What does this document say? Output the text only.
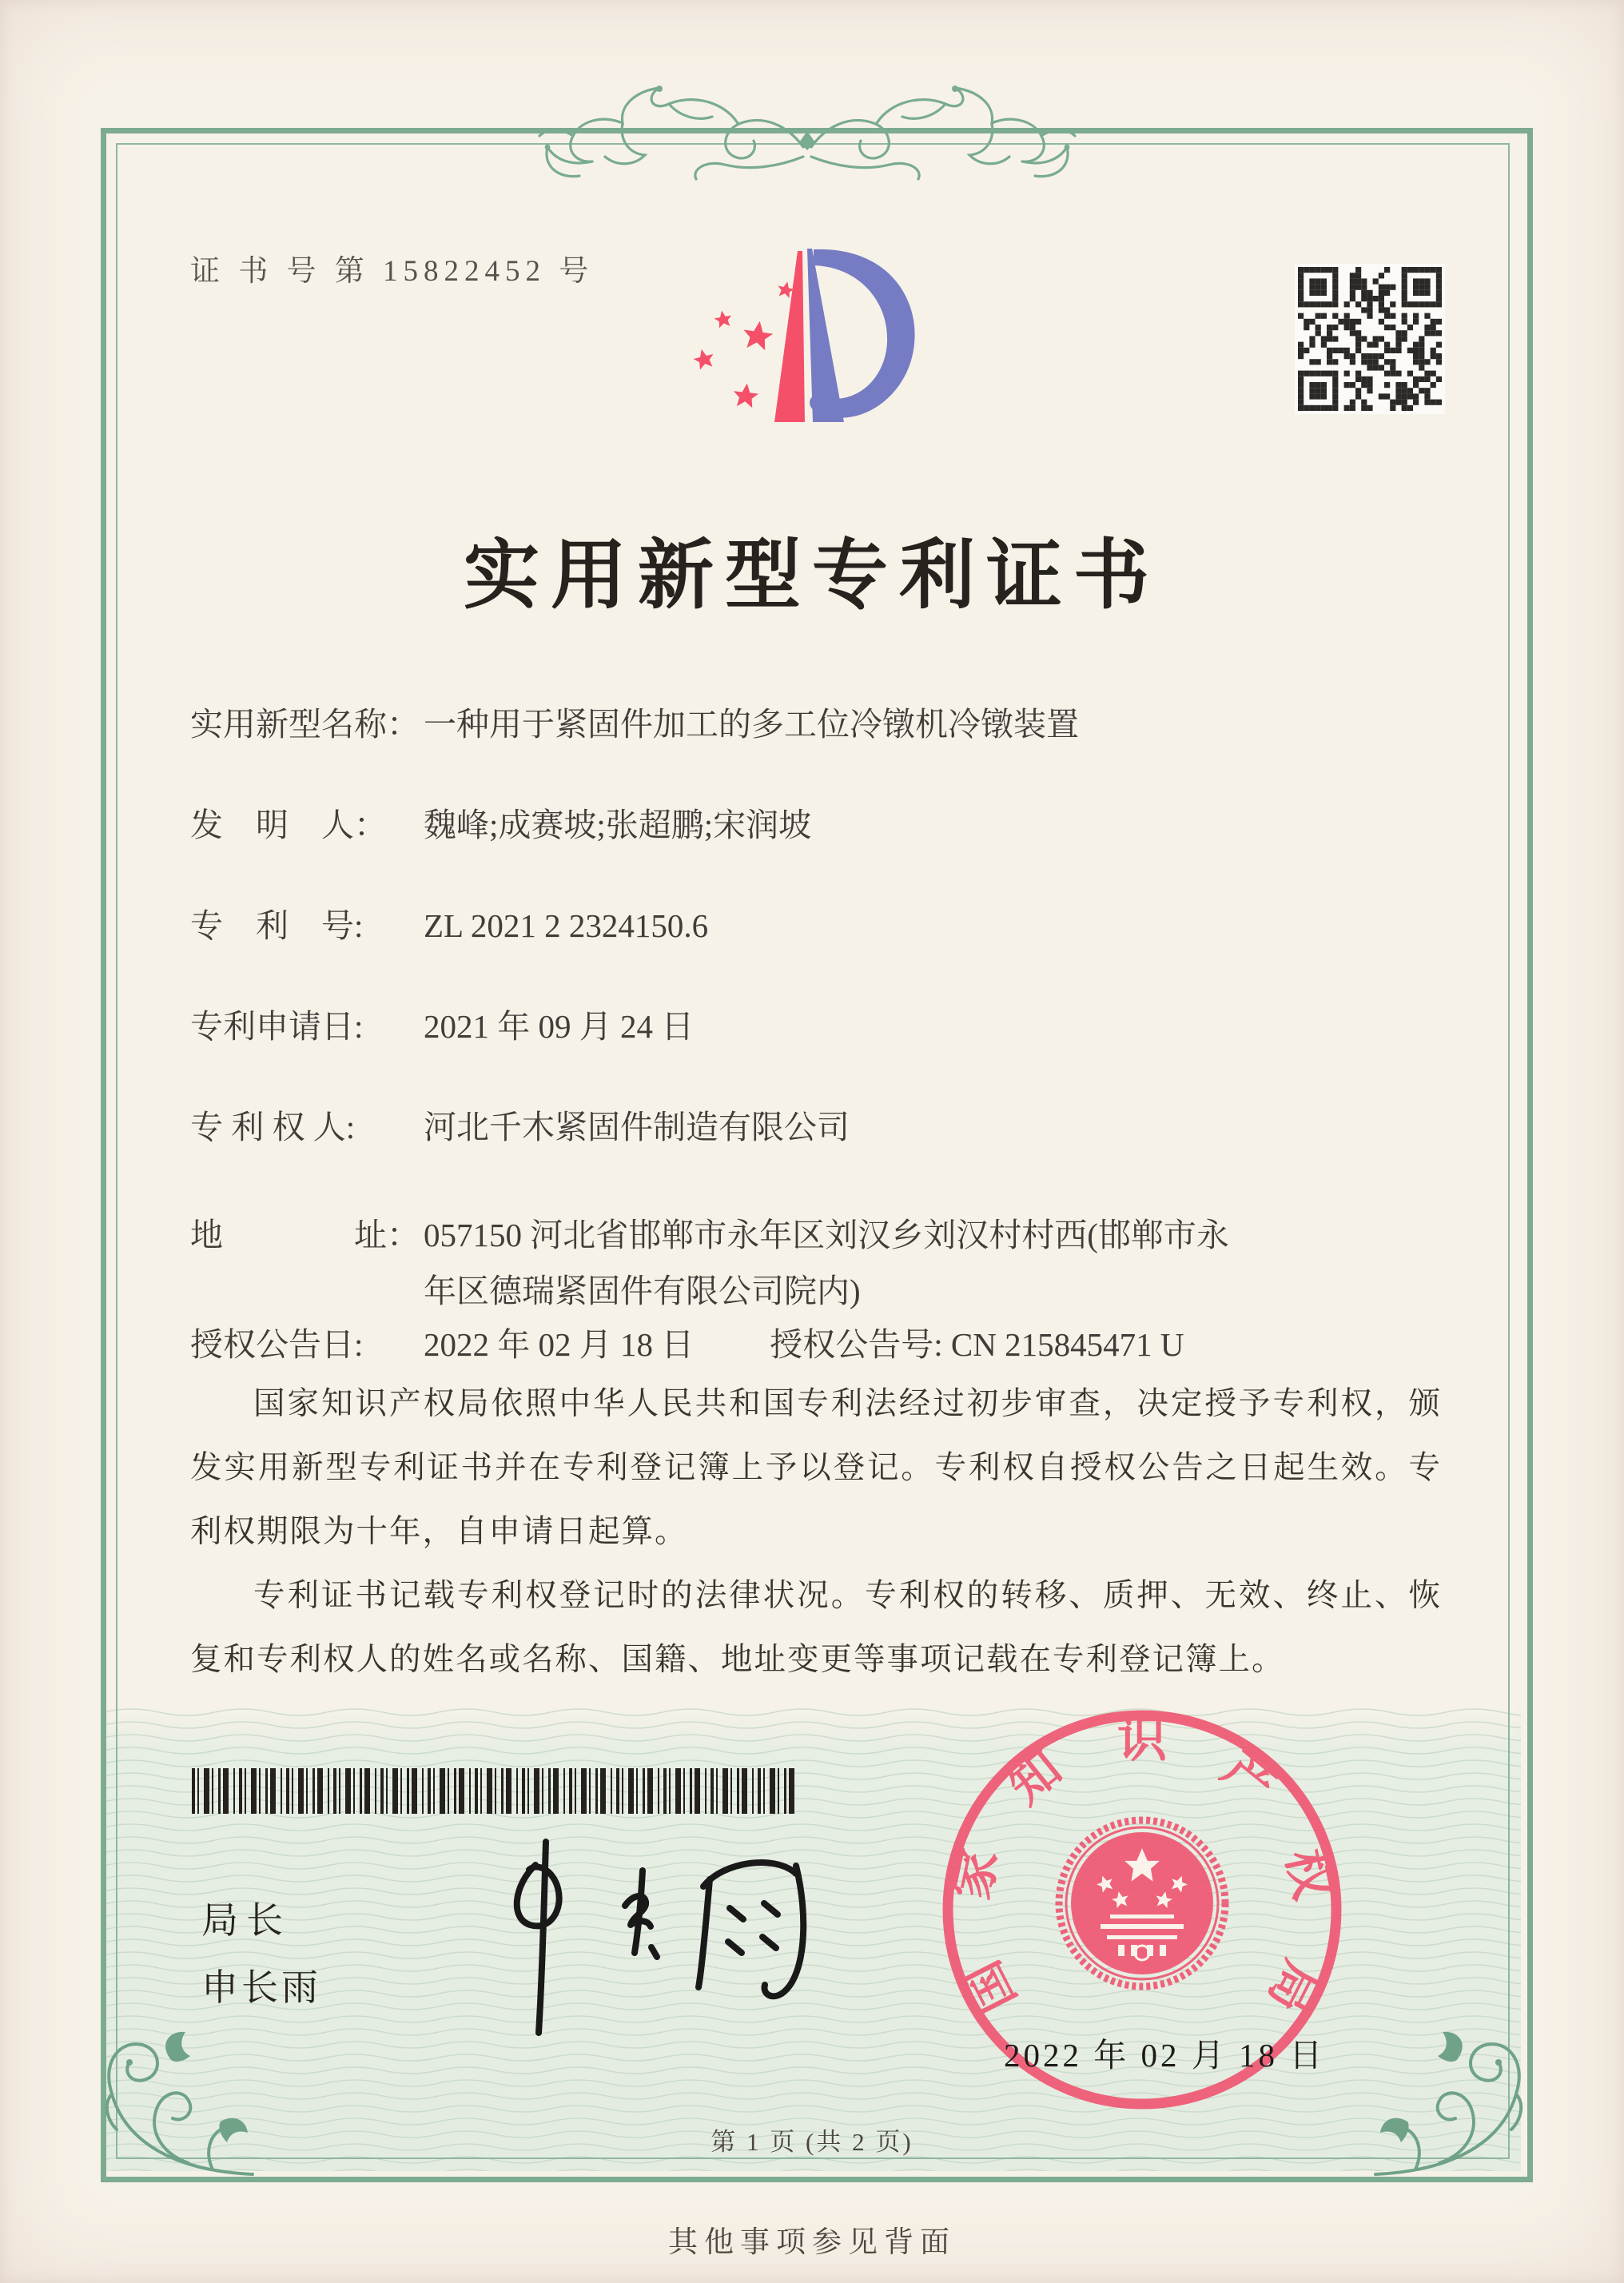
证 书 号 第 15822452 号
实用新型专利证书
实用新型名称： 一种用于紧固件加工的多工位冷镦机冷镦装置
发　明　人： 魏峰;成赛坡;张超鹏;宋润坡
专　利　号:ZL 2021 2 2324150.6
专利申请日:2021 年 09 月 24 日
专 利 权 人:河北千木紧固件制造有限公司
地　　　　址： 057150 河北省邯郸市永年区刘汉乡刘汉村村西(邯郸市永
年区德瑞紧固件有限公司院内)
授权公告日:2022 年 02 月 18 日 授权公告号: CN 215845471 U

国家知识产权局依照中华人民共和国专利法经过初步审查，决定授予专利权，颁发实用新型专利证书并在专利登记簿上予以登记。专利权自授权公告之日起生效。专利权期限为十年，自申请日起算。

专利证书记载专利权登记时的法律状况。专利权的转移、质押、无效、终止、恢复和专利权人的姓名或名称、国籍、地址变更等事项记载在专利登记簿上。

局长
申长雨	国
家
知
识
产
权
局
2022 年 02 月 18 日
第 1 页 (共 2 页)
其他事项参见背面
